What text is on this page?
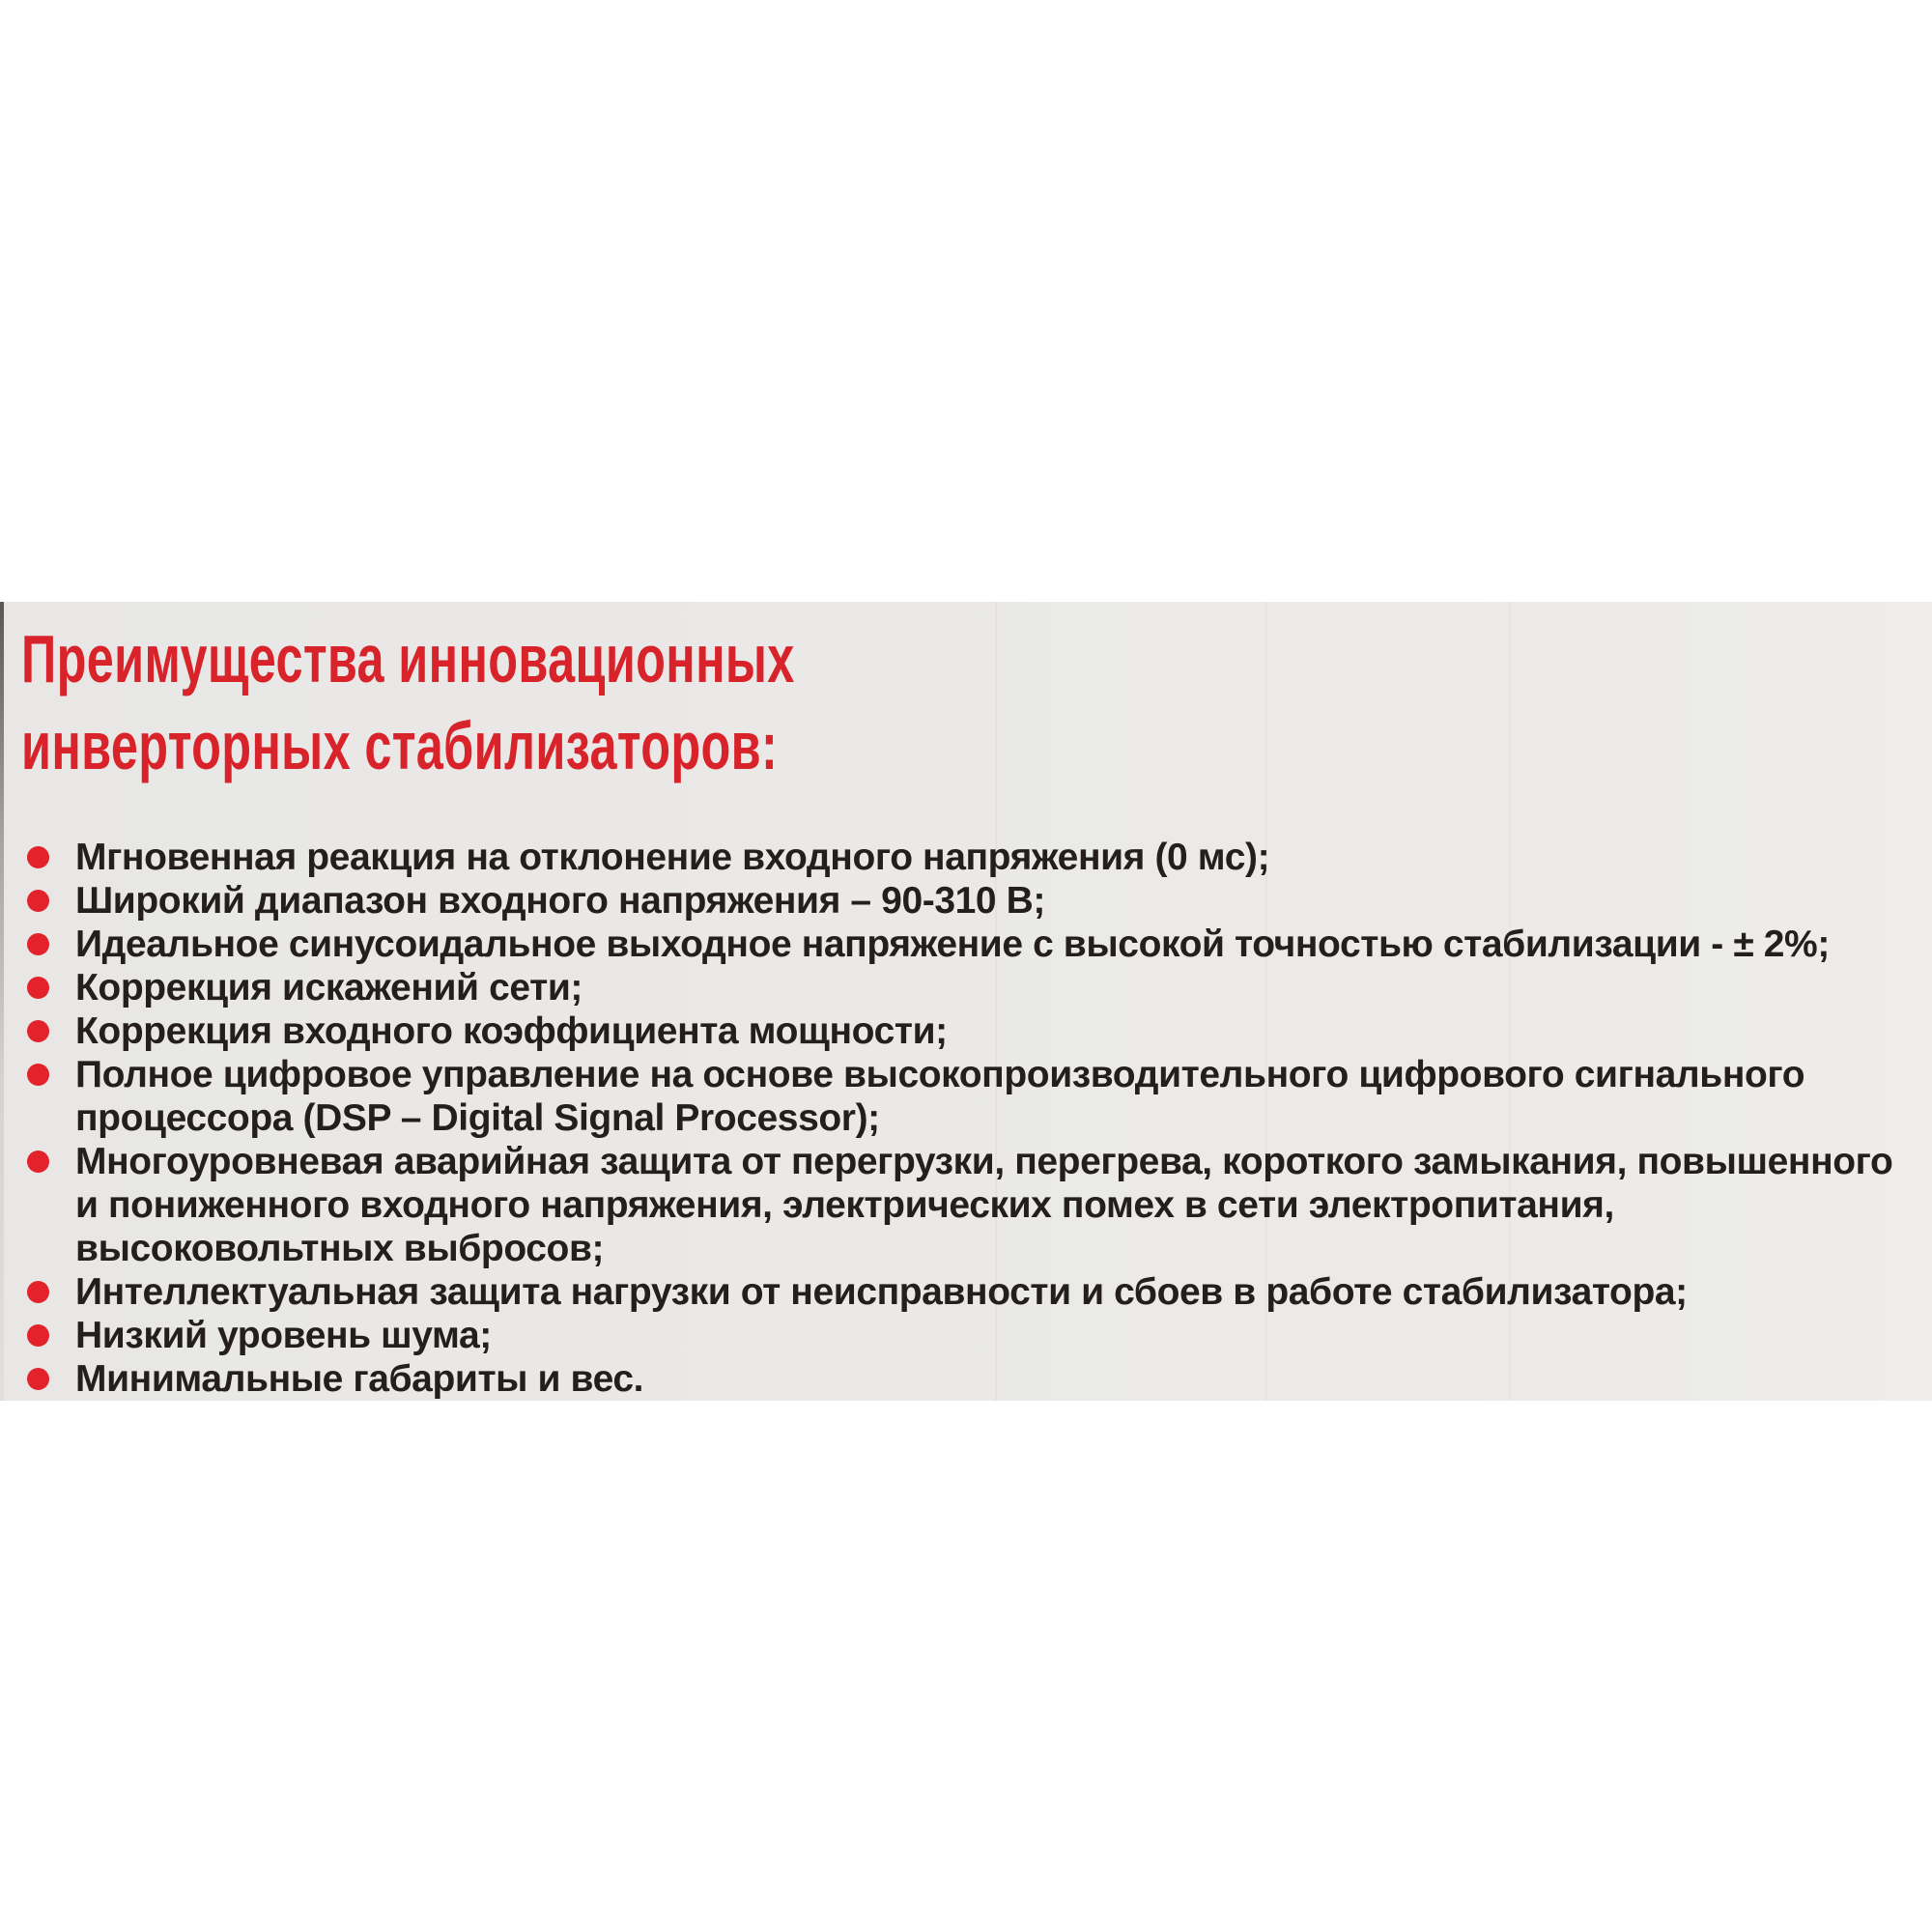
Преимущества инновационных
инверторных стабилизаторов:
Мгновенная реакция на отклонение входного напряжения (0 мс);
Широкий диапазон входного напряжения – 90-310 В;
Идеальное синусоидальное выходное напряжение с высокой точностью стабилизации - ± 2%;
Коррекция искажений сети;
Коррекция входного коэффициента мощности;
Полное цифровое управление на основе высокопроизводительного цифрового сигнального
процессора (DSP – Digital Signal Processor);
Многоуровневая аварийная защита от перегрузки, перегрева, короткого замыкания, повышенного
и пониженного входного напряжения, электрических помех в сети электропитания,
высоковольтных выбросов;
Интеллектуальная защита нагрузки от неисправности и сбоев в работе стабилизатора;
Низкий уровень шума;
Минимальные габариты и вес.
